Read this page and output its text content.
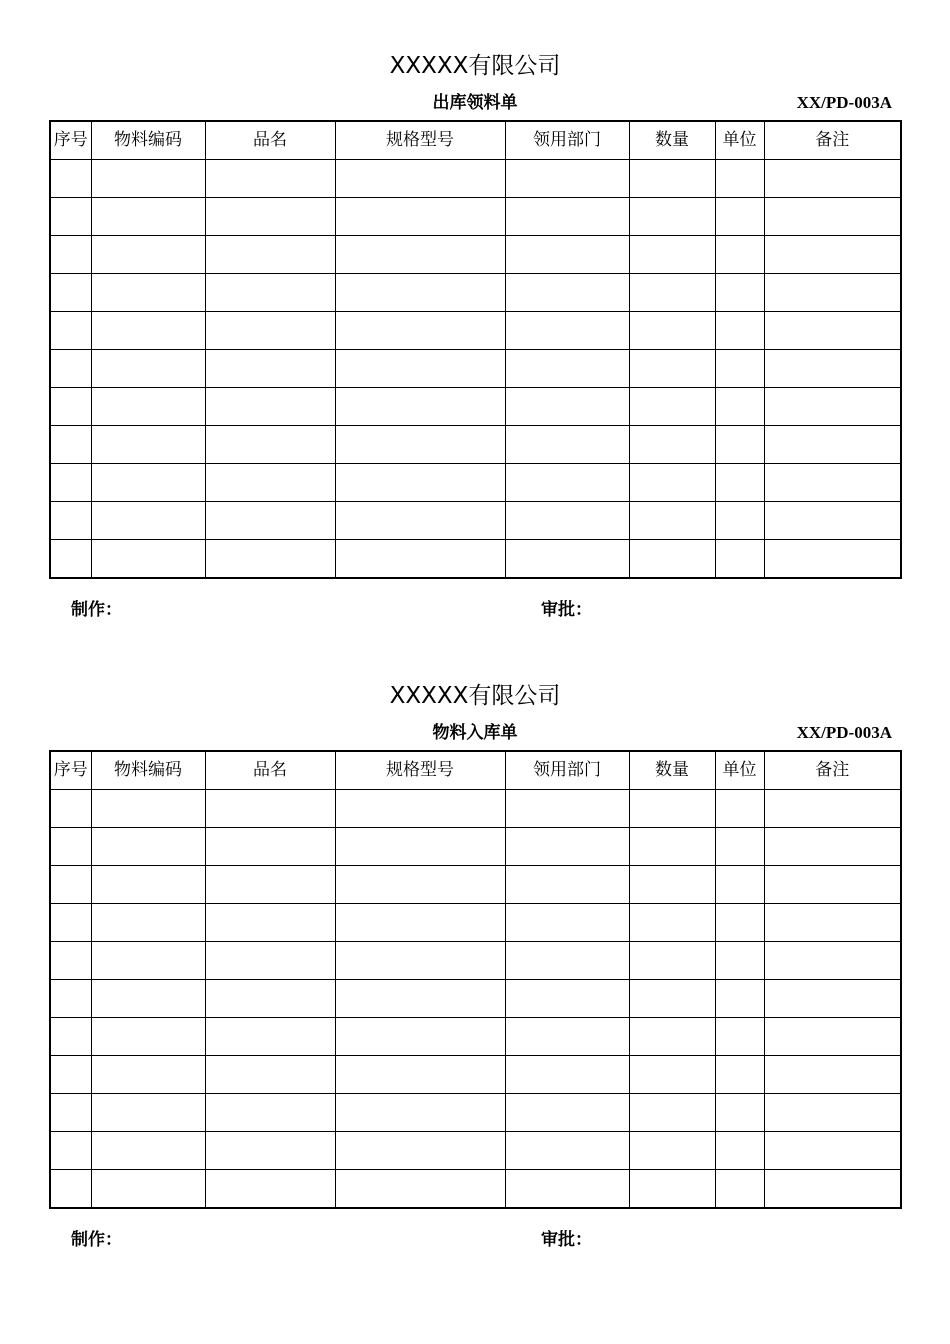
XXXXX有限公司
出库领料单	XX/PD-003A
序号	物料编码	品名	规格型号	领用部门	数量	单位	备注

制作：	审批：
XXXXX有限公司
物料入库单	XX/PD-003A
序号	物料编码	品名	规格型号	领用部门	数量	单位	备注

制作：	审批：
